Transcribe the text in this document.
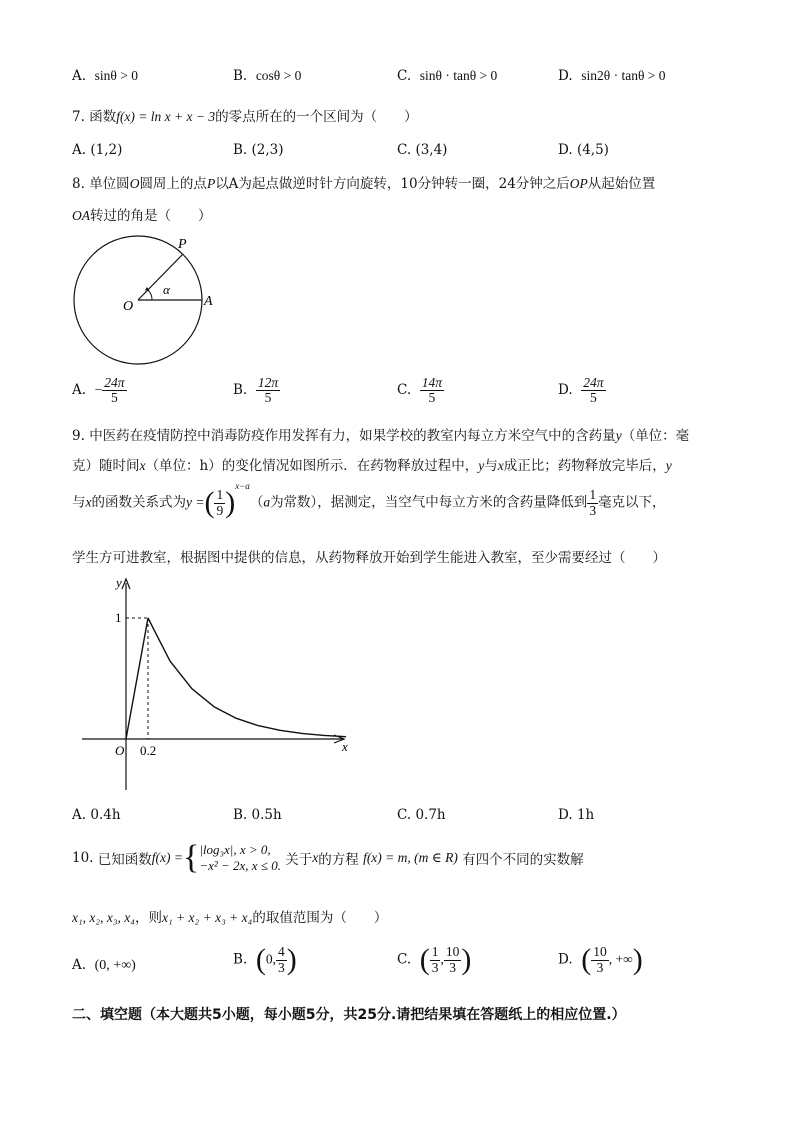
A. sinθ > 0	B. cosθ > 0	C. sinθ · tanθ > 0	D. sin2θ · tanθ > 0
7. 函数f(x) = ln x + x − 3的零点所在的一个区间为（　　）
A. (1,2)	B. (2,3)	C. (3,4)	D. (4,5)
8. 单位圆O圆周上的点P以A为起点做逆时针方向旋转，10分钟转一圈，24分钟之后OP从起始位置
OA转过的角是（　　）
P
O	A
α
A. − $\frac{24\pi}{5}$	B. $\frac{12\pi}{5}$	C. $\frac{14\pi}{5}$	D. $\frac{24\pi}{5}$
9. 中医药在疫情防控中消毒防疫作用发挥有力，如果学校的教室内每立方米空气中的含药量y（单位：毫
克）随时间x（单位：h）的变化情况如图所示．在药物释放过程中，y与x成正比；药物释放完毕后，y
与x的函数关系式为y =( $\frac{1}{9} )^{x-a}(a$为常数），据测定，当空气中每立方米的含药量降低到 $\frac{1}{3}$ 毫克以下，
学生方可进教室，根据图中提供的信息，从药物释放开始到学生能进入教室，至少需要经过（　　）
y
x
O
1
0.2
A. 0.4h	B. 0.5h	C. 0.7h	D. 1h
10.
已知函数 f(x) = { |log₃x|, x > 0,
−x² − 2x, x ≤ 0.
关于 x 的方程
f(x) = m, (m ∈ R)
有四个不同的实数解
x₁, x₂, x₃, x₄，则x₁ + x₂ + x₃ + x₄的取值范围为（　　）
A. (0, +∞)	B. (0, $\frac{4}{3}$ )	C. ( $\frac{1}{3}$ , $\frac{10}{3}$ )	D. ( $\frac{10}{3}$ , +∞)
二、填空题（本大题共5小题，每小题5分，共25分.请把结果填在答题纸上的相应位置.）
